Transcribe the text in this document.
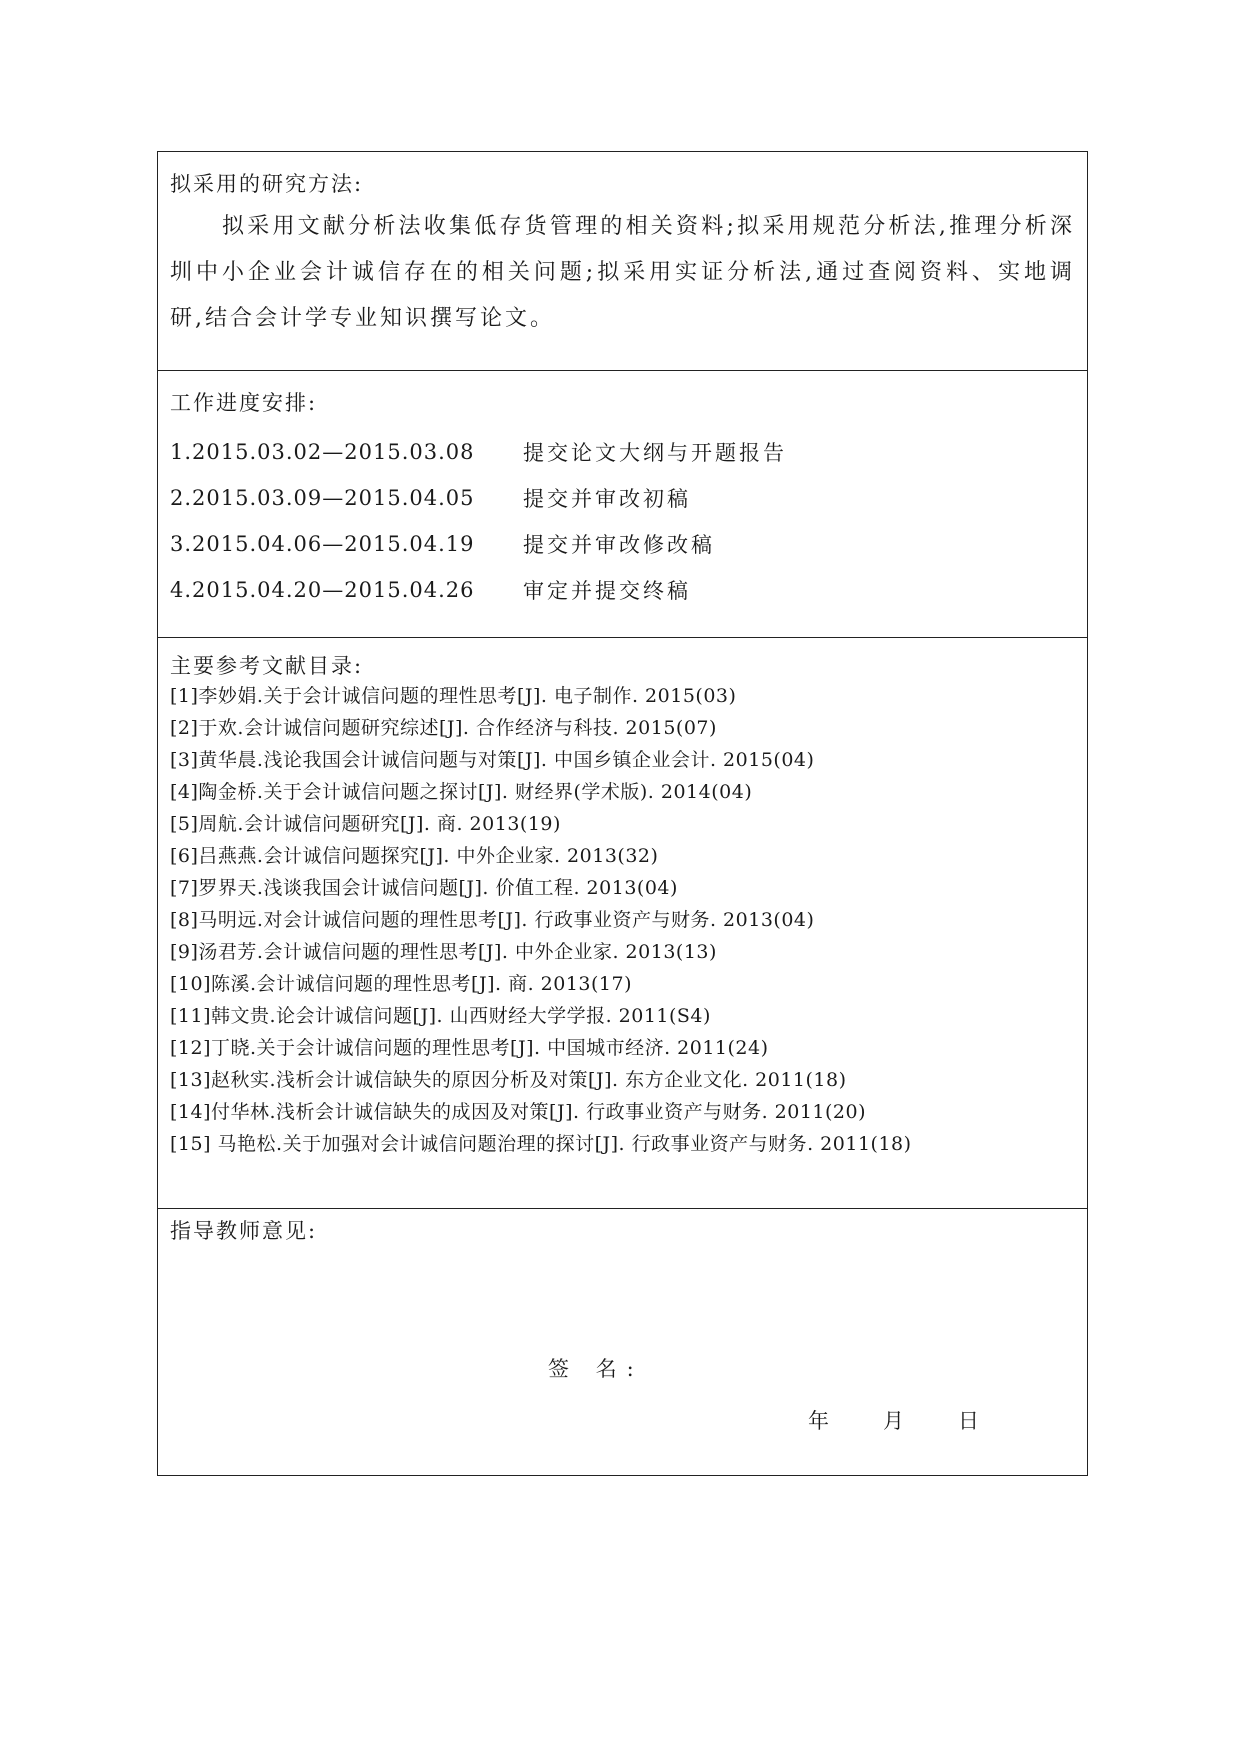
拟采用的研究方法:
拟采用文献分析法收集低存货管理的相关资料;拟采用规范分析法,推理分析深圳中小企业会计诚信存在的相关问题;拟采用实证分析法,通过查阅资料、实地调研,结合会计学专业知识撰写论文。
工作进度安排:
1.2015.03.02—2015.03.08	提交论文大纲与开题报告
2.2015.03.09—2015.04.05	提交并审改初稿
3.2015.04.06—2015.04.19	提交并审改修改稿
4.2015.04.20—2015.04.26	审定并提交终稿
主要参考文献目录:
[1]李妙娟.关于会计诚信问题的理性思考[J]. 电子制作. 2015(03)
[2]于欢.会计诚信问题研究综述[J]. 合作经济与科技. 2015(07)
[3]黄华晨.浅论我国会计诚信问题与对策[J]. 中国乡镇企业会计. 2015(04)
[4]陶金桥.关于会计诚信问题之探讨[J]. 财经界(学术版). 2014(04)
[5]周航.会计诚信问题研究[J]. 商. 2013(19)
[6]吕燕燕.会计诚信问题探究[J]. 中外企业家. 2013(32)
[7]罗界天.浅谈我国会计诚信问题[J]. 价值工程. 2013(04)
[8]马明远.对会计诚信问题的理性思考[J]. 行政事业资产与财务. 2013(04)
[9]汤君芳.会计诚信问题的理性思考[J]. 中外企业家. 2013(13)
[10]陈溪.会计诚信问题的理性思考[J]. 商. 2013(17)
[11]韩文贵.论会计诚信问题[J]. 山西财经大学学报. 2011(S4)
[12]丁晓.关于会计诚信问题的理性思考[J]. 中国城市经济. 2011(24)
[13]赵秋实.浅析会计诚信缺失的原因分析及对策[J]. 东方企业文化. 2011(18)
[14]付华林.浅析会计诚信缺失的成因及对策[J]. 行政事业资产与财务. 2011(20)
[15] 马艳松.关于加强对会计诚信问题治理的探讨[J]. 行政事业资产与财务. 2011(18)
指导教师意见:
签 名:
年	月	日
